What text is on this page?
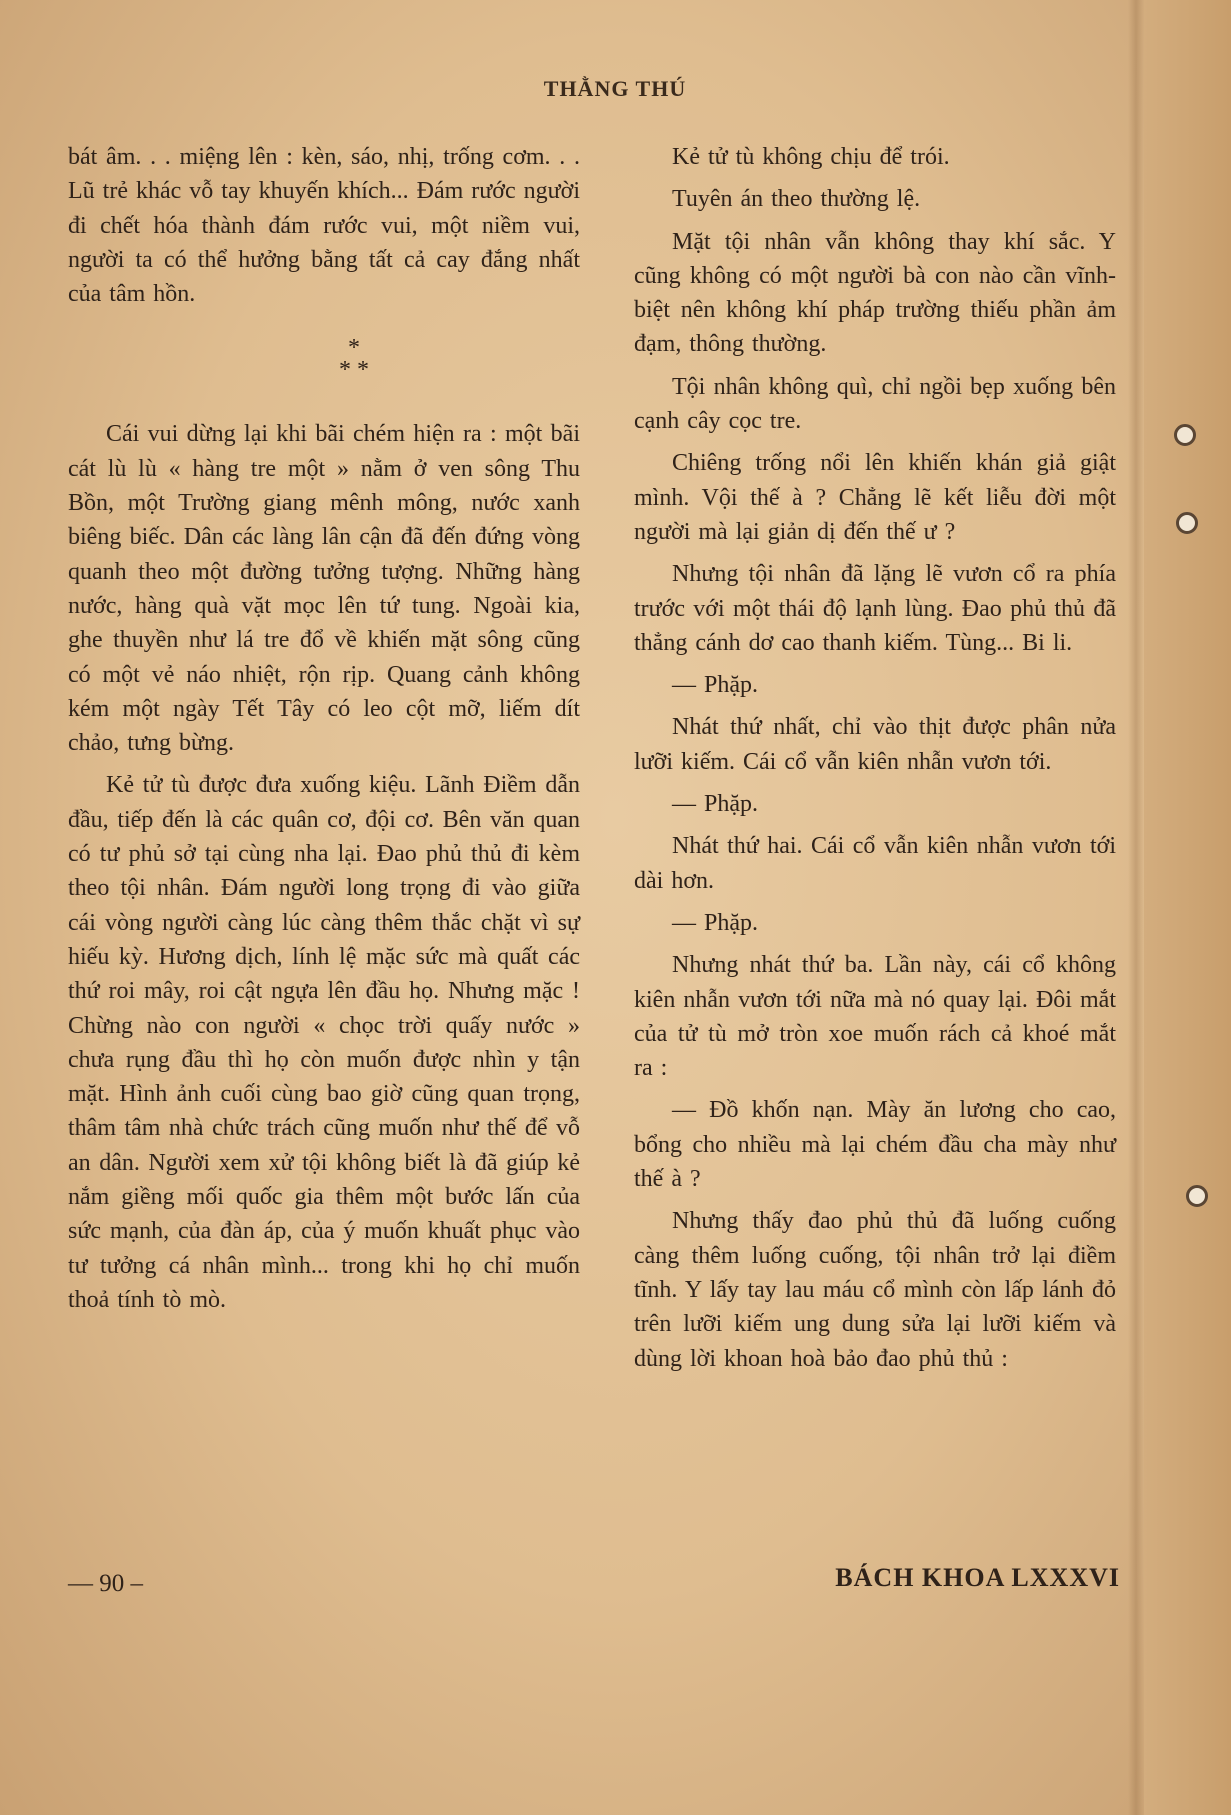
THẰNG THÚ

bát âm. . . miệng lên : kèn, sáo, nhị, trống cơm. . . Lũ trẻ khác vỗ tay khuyến khích... Đám rước người đi chết hóa thành đám rước vui, một niềm vui, người ta có thể hưởng bằng tất cả cay đắng nhất của tâm hồn.

*
* *

Cái vui dừng lại khi bãi chém hiện ra : một bãi cát lù lù « hàng tre một » nằm ở ven sông Thu Bồn, một Trường giang mênh mông, nước xanh biêng biếc. Dân các làng lân cận đã đến đứng vòng quanh theo một đường tưởng tượng. Những hàng nước, hàng quà vặt mọc lên tứ tung. Ngoài kia, ghe thuyền như lá tre đổ về khiến mặt sông cũng có một vẻ náo nhiệt, rộn rịp. Quang cảnh không kém một ngày Tết Tây có leo cột mỡ, liếm dít chảo, tưng bừng.

Kẻ tử tù được đưa xuống kiệu. Lãnh Điềm dẫn đầu, tiếp đến là các quân cơ, đội cơ. Bên văn quan có tư phủ sở tại cùng nha lại. Đao phủ thủ đi kèm theo tội nhân. Đám người long trọng đi vào giữa cái vòng người càng lúc càng thêm thắc chặt vì sự hiếu kỳ. Hương dịch, lính lệ mặc sức mà quất các thứ roi mây, roi cật ngựa lên đầu họ. Nhưng mặc ! Chừng nào con người « chọc trời quấy nước » chưa rụng đầu thì họ còn muốn được nhìn y tận mặt. Hình ảnh cuối cùng bao giờ cũng quan trọng, thâm tâm nhà chức trách cũng muốn như thế để vỗ an dân. Người xem xử tội không biết là đã giúp kẻ nắm giềng mối quốc gia thêm một bước lấn của sức mạnh, của đàn áp, của ý muốn khuất phục vào tư tưởng cá nhân mình... trong khi họ chỉ muốn thoả tính tò mò.

Kẻ tử tù không chịu để trói.

Tuyên án theo thường lệ.

Mặt tội nhân vẫn không thay khí sắc. Y cũng không có một người bà con nào cần vĩnh-biệt nên không khí pháp trường thiếu phần ảm đạm, thông thường.

Tội nhân không quì, chỉ ngồi bẹp xuống bên cạnh cây cọc tre.

Chiêng trống nổi lên khiến khán giả giật mình. Vội thế à ? Chẳng lẽ kết liễu đời một người mà lại giản dị đến thế ư ?

Nhưng tội nhân đã lặng lẽ vươn cổ ra phía trước với một thái độ lạnh lùng. Đao phủ thủ đã thẳng cánh dơ cao thanh kiếm. Tùng... Bi li.

— Phặp.

Nhát thứ nhất, chỉ vào thịt được phân nửa lưỡi kiếm. Cái cổ vẫn kiên nhẫn vươn tới.

— Phặp.

Nhát thứ hai. Cái cổ vẫn kiên nhẫn vươn tới dài hơn.

— Phặp.

Nhưng nhát thứ ba. Lần này, cái cổ không kiên nhẫn vươn tới nữa mà nó quay lại. Đôi mắt của tử tù mở tròn xoe muốn rách cả khoé mắt ra :

— Đồ khốn nạn. Mày ăn lương cho cao, bổng cho nhiều mà lại chém đầu cha mày như thế à ?

Nhưng thấy đao phủ thủ đã luống cuống càng thêm luống cuống, tội nhân trở lại điềm tĩnh. Y lấy tay lau máu cổ mình còn lấp lánh đỏ trên lưỡi kiếm ung dung sửa lại lưỡi kiếm và dùng lời khoan hoà bảo đao phủ thủ :

— 90 –	BÁCH KHOA LXXXVI
